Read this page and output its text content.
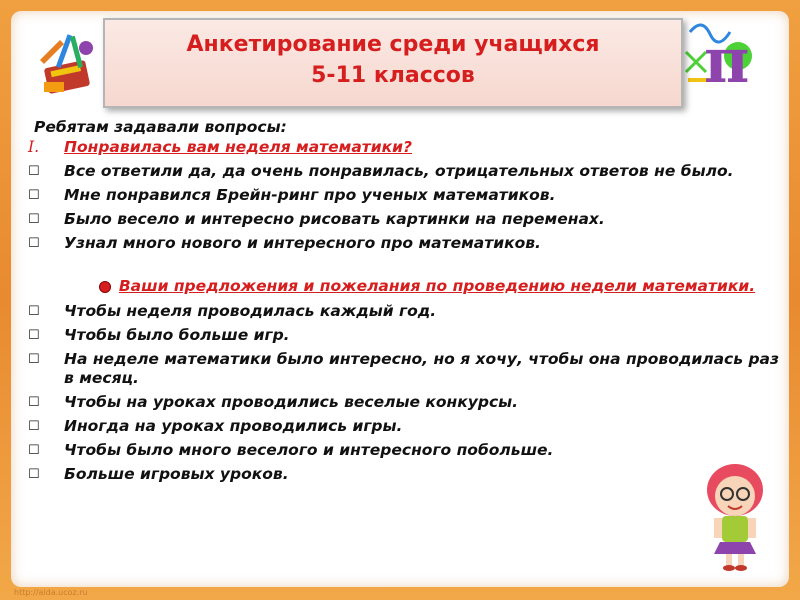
π
Анкетирование среди учащихся
5-11 классов
Ребятам задавали вопросы:
I. Понравилась вам неделя математики?
☐ Все ответили да, да очень понравилась, отрицательных ответов не было.
☐ Мне понравился Брейн-ринг про ученых математиков.
☐ Было весело и интересно рисовать картинки на переменах.
☐ Узнал много нового и интересного про математиков.
Ваши предложения и пожелания по проведению недели математики.
☐ Чтобы неделя проводилась каждый год.
☐ Чтобы было больше игр.
☐ На неделе математики было интересно, но я хочу, чтобы она проводилась раз в месяц.
☐ Чтобы на уроках проводились веселые конкурсы.
☐ Иногда на уроках проводились игры.
☐ Чтобы было много веселого и интересного побольше.
☐ Больше игровых уроков.
http://aida.ucoz.ru
